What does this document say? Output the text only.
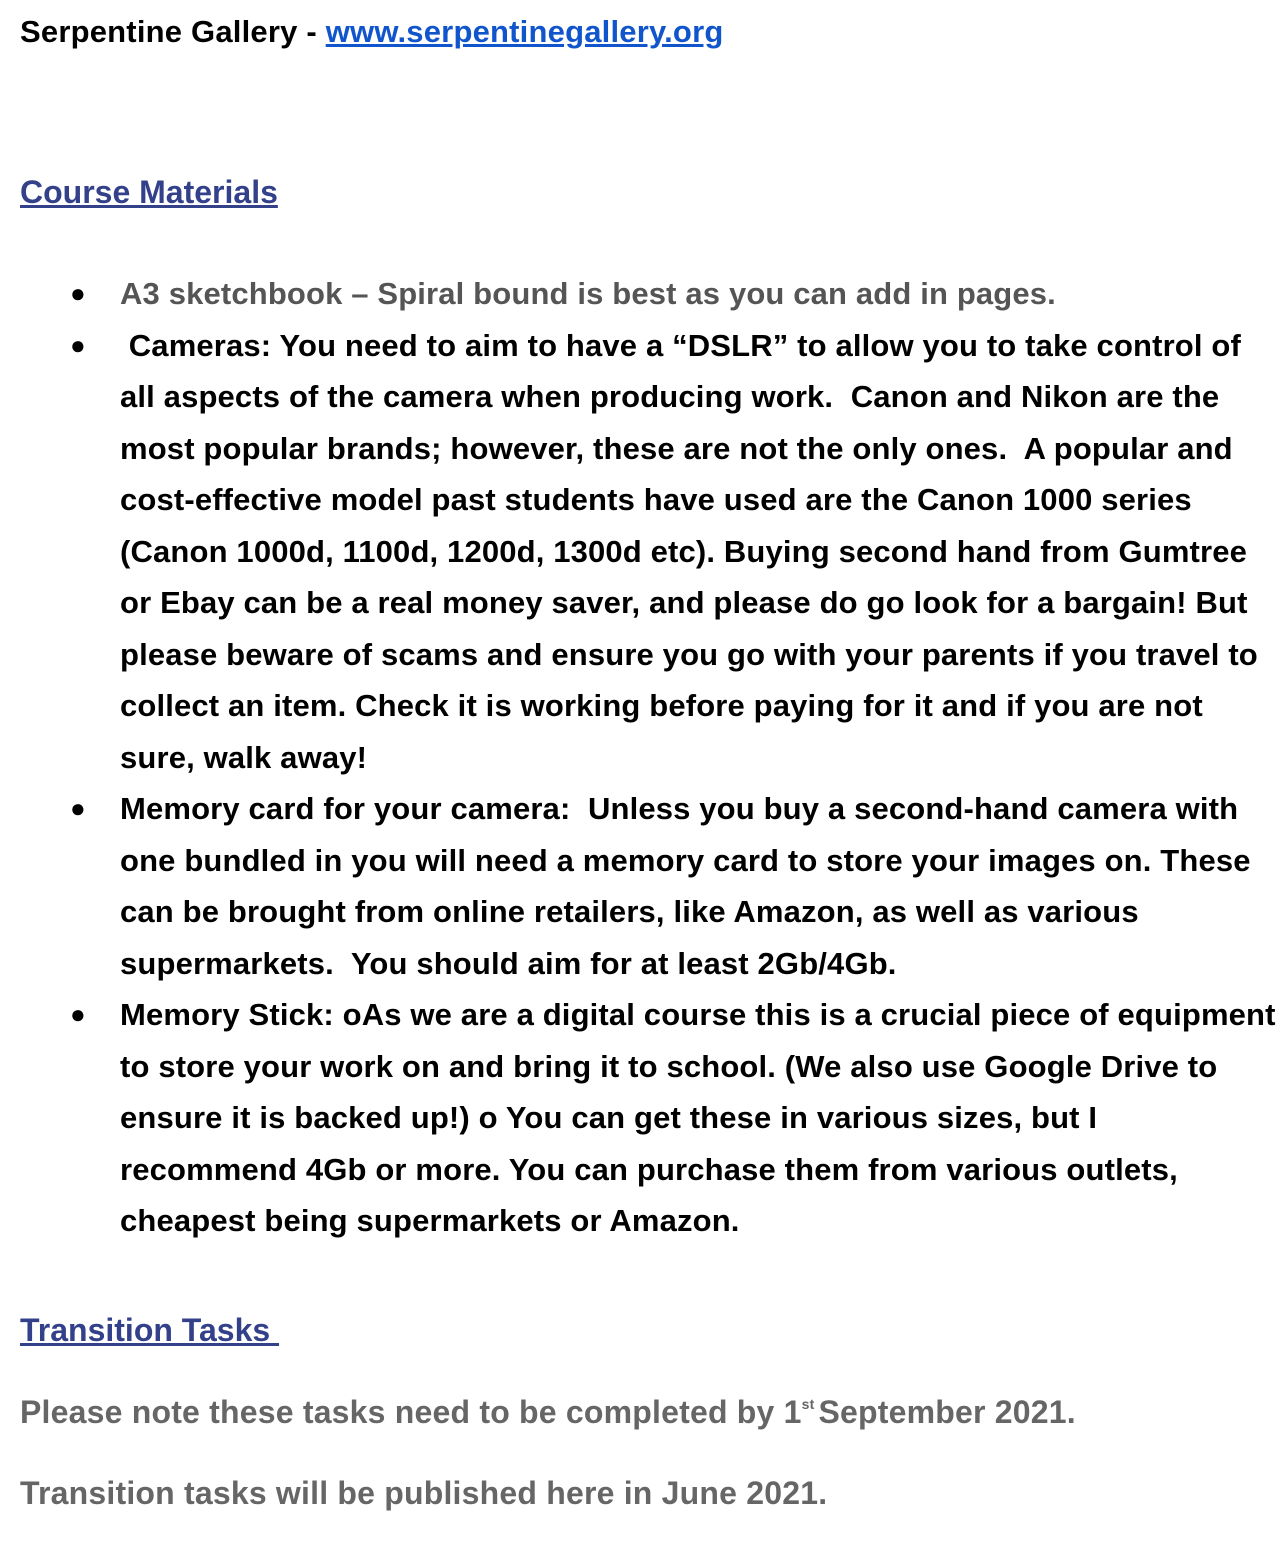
Serpentine Gallery - www.serpentinegallery.org
Course Materials
● A3 sketchbook – Spiral bound is best as you can add in pages.
● Cameras: You need to aim to have a “DSLR” to allow you to take control of all aspects of the camera when producing work.  Canon and Nikon are the most popular brands; however, these are not the only ones.  A popular and cost-effective model past students have used are the Canon 1000 series (Canon 1000d, 1100d, 1200d, 1300d etc). Buying second hand from Gumtree or Ebay can be a real money saver, and please do go look for a bargain! But please beware of scams and ensure you go with your parents if you travel to collect an item. Check it is working before paying for it and if you are not sure, walk away!
● Memory card for your camera:  Unless you buy a second-hand camera with one bundled in you will need a memory card to store your images on. These can be brought from online retailers, like Amazon, as well as various supermarkets.  You should aim for at least 2Gb/4Gb.
● Memory Stick: oAs we are a digital course this is a crucial piece of equipment to store your work on and bring it to school. (We also use Google Drive to ensure it is backed up!) o You can get these in various sizes, but I recommend 4Gb or more. You can purchase them from various outlets, cheapest being supermarkets or Amazon.
Transition Tasks
Please note these tasks need to be completed by 1st September 2021.
Transition tasks will be published here in June 2021.
